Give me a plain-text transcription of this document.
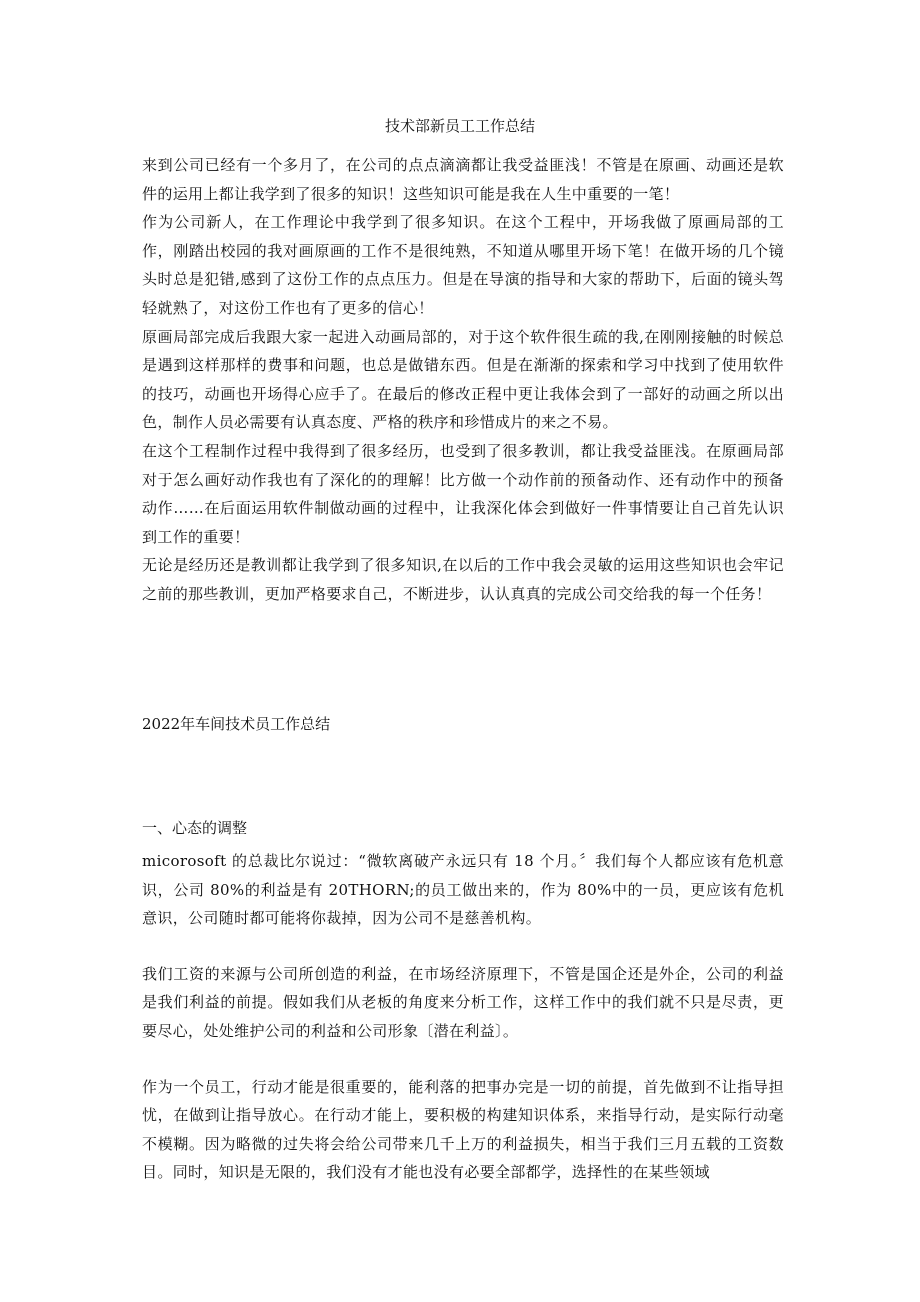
技术部新员工工作总结

来到公司已经有一个多月了，在公司的点点滴滴都让我受益匪浅！不管是在原画、动画还是软件的运用上都让我学到了很多的知识！这些知识可能是我在人生中重要的一笔！

作为公司新人，在工作理论中我学到了很多知识。在这个工程中，开场我做了原画局部的工作，刚踏出校园的我对画原画的工作不是很纯熟，不知道从哪里开场下笔！在做开场的几个镜头时总是犯错,感到了这份工作的点点压力。但是在导演的指导和大家的帮助下，后面的镜头驾轻就熟了，对这份工作也有了更多的信心！

原画局部完成后我跟大家一起进入动画局部的，对于这个软件很生疏的我,在刚刚接触的时候总是遇到这样那样的费事和问题，也总是做错东西。但是在渐渐的探索和学习中找到了使用软件的技巧，动画也开场得心应手了。在最后的修改正程中更让我体会到了一部好的动画之所以出色，制作人员必需要有认真态度、严格的秩序和珍惜成片的来之不易。

在这个工程制作过程中我得到了很多经历，也受到了很多教训，都让我受益匪浅。在原画局部对于怎么画好动作我也有了深化的的理解！比方做一个动作前的预备动作、还有动作中的预备动作……在后面运用软件制做动画的过程中，让我深化体会到做好一件事情要让自己首先认识到工作的重要！

无论是经历还是教训都让我学到了很多知识,在以后的工作中我会灵敏的运用这些知识也会牢记之前的那些教训，更加严格要求自己，不断进步，认认真真的完成公司交给我的每一个任务！

2022年车间技术员工作总结
一、心态的调整

micorosoft 的总裁比尔说过：“微软离破产永远只有 18 个月。〞我们每个人都应该有危机意识，公司 80%的利益是有 20THORN;的员工做出来的，作为 80%中的一员，更应该有危机意识，公司随时都可能将你裁掉，因为公司不是慈善机构。

我们工资的来源与公司所创造的利益，在市场经济原理下，不管是国企还是外企，公司的利益是我们利益的前提。假如我们从老板的角度来分析工作，这样工作中的我们就不只是尽责，更要尽心，处处维护公司的利益和公司形象〔潜在利益〕。

作为一个员工，行动才能是很重要的，能利落的把事办完是一切的前提，首先做到不让指导担忧，在做到让指导放心。在行动才能上，要积极的构建知识体系，来指导行动，是实际行动毫不模糊。因为略微的过失将会给公司带来几千上万的利益损失，相当于我们三月五载的工资数目。同时，知识是无限的，我们没有才能也没有必要全部都学，选择性的在某些领域
